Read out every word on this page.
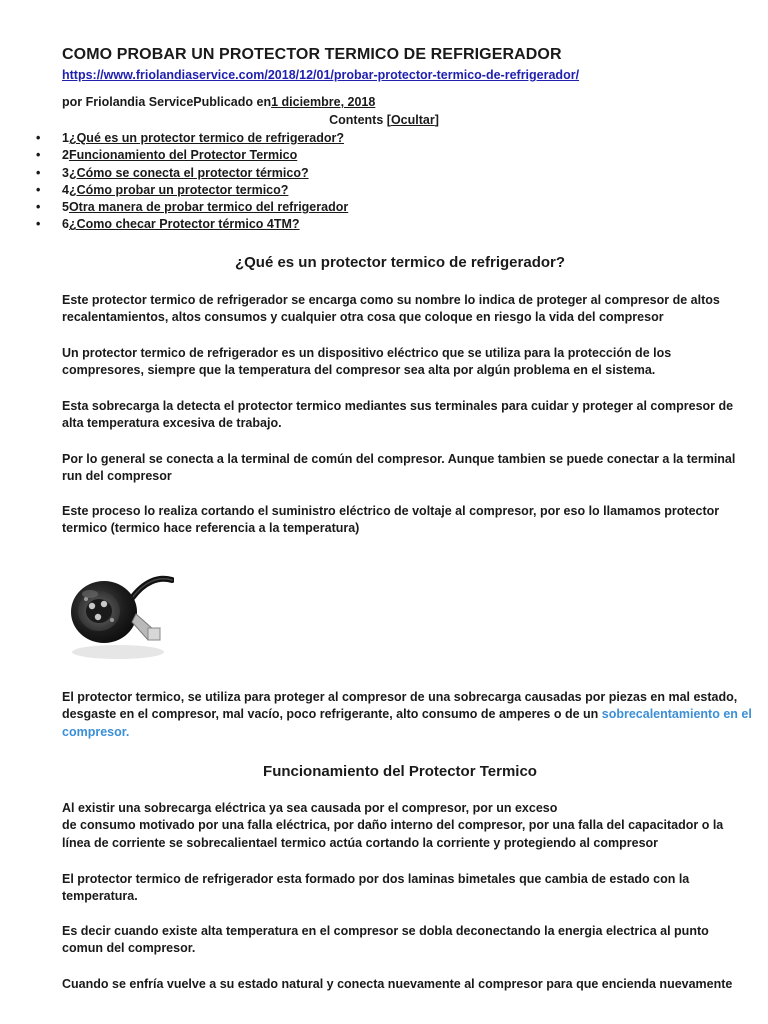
COMO PROBAR UN PROTECTOR TERMICO DE REFRIGERADOR
https://www.friolandiaservice.com/2018/12/01/probar-protector-termico-de-refrigerador/
por Friolandia ServicePublicado en1 diciembre, 2018
Contents [Ocultar]
•	1 ¿Qué es un protector termico de refrigerador?
•	2 Funcionamiento del Protector Termico
•	3 ¿Cómo se conecta el protector térmico?
•	4 ¿Cómo probar un protector termico?
•	5 Otra manera de probar termico del refrigerador
•	6 ¿Como checar Protector térmico 4TM?
¿Qué es un protector termico de refrigerador?

Este protector termico de refrigerador se encarga como su nombre lo indica de proteger al compresor de altos recalentamientos, altos consumos y cualquier otra cosa que coloque en riesgo la vida del compresor

Un protector termico de refrigerador es un dispositivo eléctrico que se utiliza para la protección de los compresores, siempre que la temperatura del compresor sea alta por algún problema en el sistema.

Esta sobrecarga la detecta el protector termico mediantes sus terminales para cuidar y proteger al compresor de alta temperatura excesiva de trabajo.

Por lo general se conecta a la terminal de común del compresor. Aunque tambien se puede conectar a la terminal run del compresor

Este proceso lo realiza cortando el suministro eléctrico de voltaje al compresor, por eso lo llamamos protector termico (termico hace referencia a la temperatura)

El protector termico, se utiliza para proteger al compresor de una sobrecarga causadas por piezas en mal estado, desgaste en el compresor, mal vacío, poco refrigerante, alto consumo de amperes o de un sobrecalentamiento en el compresor.

Funcionamiento del Protector Termico

Al existir una sobrecarga eléctrica ya sea causada por el compresor, por un exceso
de consumo motivado por una falla eléctrica, por daño interno del compresor, por una falla del capacitador o la línea de corriente se sobrecalientael termico actúa cortando la corriente y protegiendo al compresor

El protector termico de refrigerador esta formado por dos laminas bimetales que cambia de estado con la temperatura.

Es decir cuando existe alta temperatura en el compresor se dobla deconectando la energia electrica al punto comun del compresor.

Cuando se enfría vuelve a su estado natural y conecta nuevamente al compresor para que encienda nuevamente
